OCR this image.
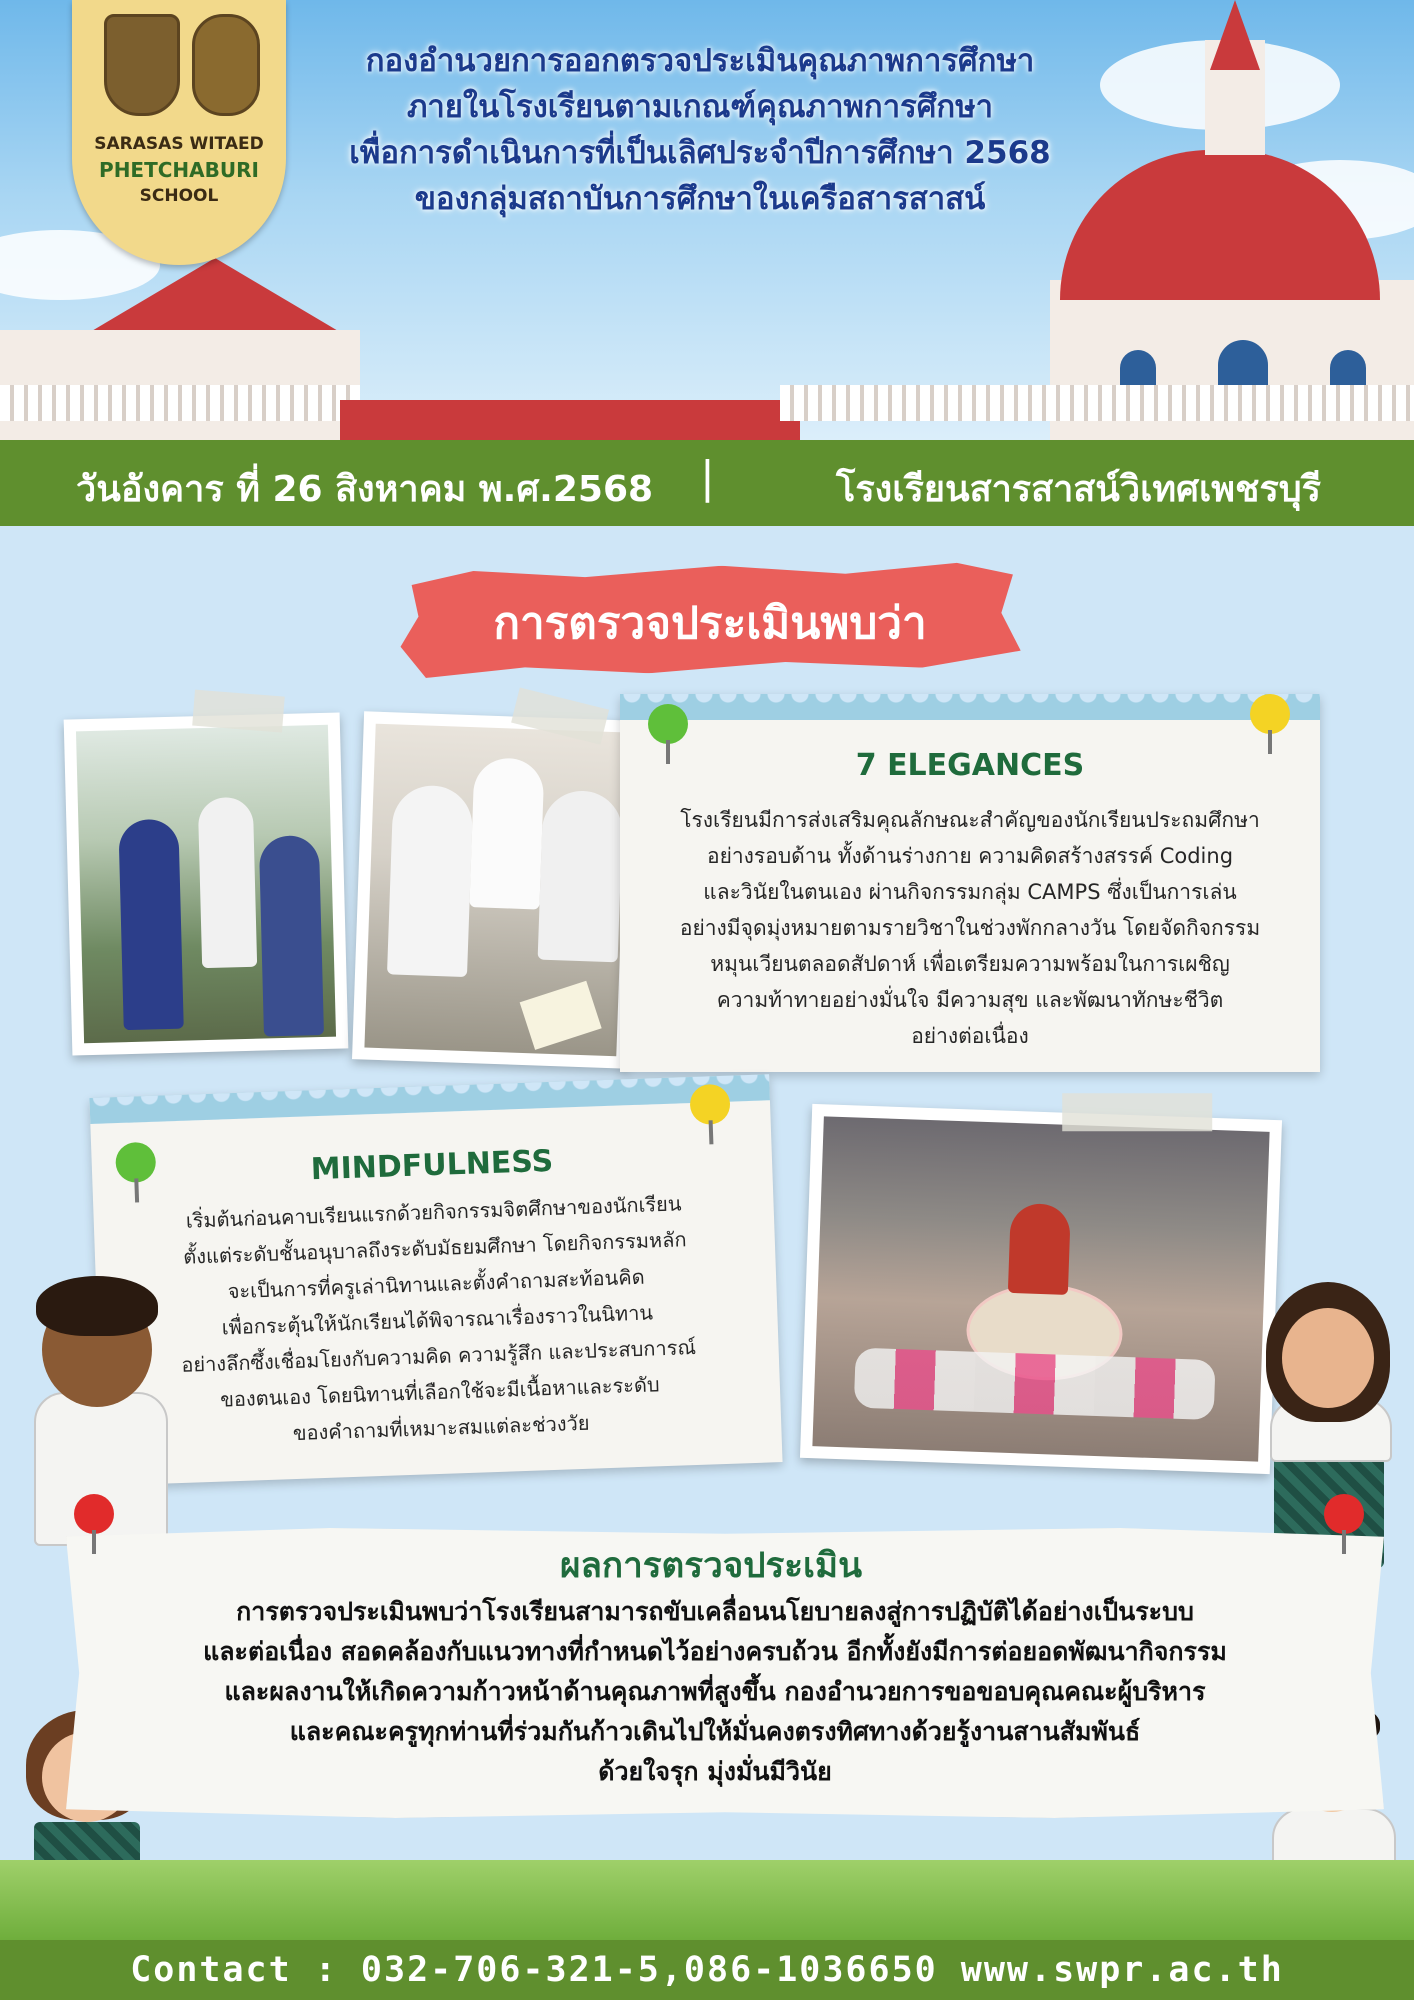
SARASAS WITAED
PHETCHABURI
SCHOOL
กองอำนวยการออกตรวจประเมินคุณภาพการศึกษา
ภายในโรงเรียนตามเกณฑ์คุณภาพการศึกษา
เพื่อการดำเนินการที่เป็นเลิศประจำปีการศึกษา 2568
ของกลุ่มสถาบันการศึกษาในเครือสารสาสน์
วันอังคาร ที่ 26 สิงหาคม พ.ศ.2568 |	โรงเรียนสารสาสน์วิเทศเพชรบุรี
การตรวจประเมินพบว่า
7 ELEGANCES
โรงเรียนมีการส่งเสริมคุณลักษณะสำคัญของนักเรียนประถมศึกษา
อย่างรอบด้าน ทั้งด้านร่างกาย ความคิดสร้างสรรค์ Coding
และวินัยในตนเอง ผ่านกิจกรรมกลุ่ม CAMPS ซึ่งเป็นการเล่น
อย่างมีจุดมุ่งหมายตามรายวิชาในช่วงพักกลางวัน โดยจัดกิจกรรม
หมุนเวียนตลอดสัปดาห์ เพื่อเตรียมความพร้อมในการเผชิญ
ความท้าทายอย่างมั่นใจ มีความสุข และพัฒนาทักษะชีวิต
อย่างต่อเนื่อง
MINDFULNESS
เริ่มต้นก่อนคาบเรียนแรกด้วยกิจกรรมจิตศึกษาของนักเรียน
ตั้งแต่ระดับชั้นอนุบาลถึงระดับมัธยมศึกษา โดยกิจกรรมหลัก
จะเป็นการที่ครูเล่านิทานและตั้งคำถามสะท้อนคิด
เพื่อกระตุ้นให้นักเรียนได้พิจารณาเรื่องราวในนิทาน
อย่างลึกซึ้งเชื่อมโยงกับความคิด ความรู้สึก และประสบการณ์
ของตนเอง โดยนิทานที่เลือกใช้จะมีเนื้อหาและระดับ
ของคำถามที่เหมาะสมแต่ละช่วงวัย
ผลการตรวจประเมิน
การตรวจประเมินพบว่าโรงเรียนสามารถขับเคลื่อนนโยบายลงสู่การปฏิบัติได้อย่างเป็นระบบ
และต่อเนื่อง สอดคล้องกับแนวทางที่กำหนดไว้อย่างครบถ้วน อีกทั้งยังมีการต่อยอดพัฒนากิจกรรม
และผลงานให้เกิดความก้าวหน้าด้านคุณภาพที่สูงขึ้น กองอำนวยการขอขอบคุณคณะผู้บริหาร
และคณะครูทุกท่านที่ร่วมกันก้าวเดินไปให้มั่นคงตรงทิศทางด้วยรู้งานสานสัมพันธ์
ด้วยใจรุก มุ่งมั่นมีวินัย
Contact : 032-706-321-5,086-1036650 www.swpr.ac.th
